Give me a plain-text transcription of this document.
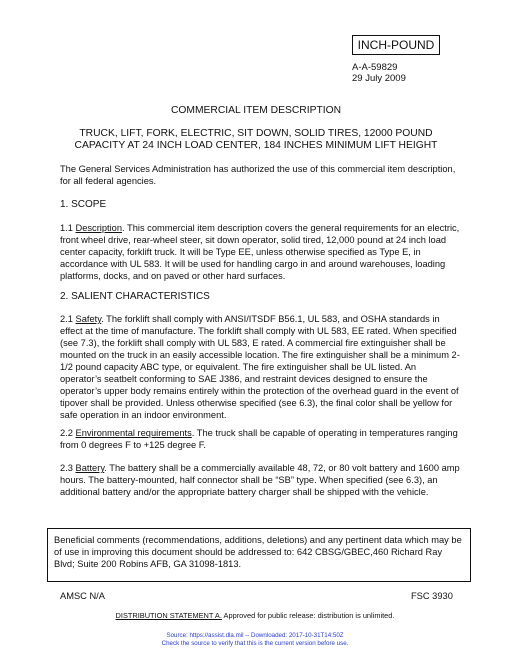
INCH-POUND
A-A-59829
29 July 2009
COMMERCIAL ITEM DESCRIPTION
TRUCK, LIFT, FORK, ELECTRIC, SIT DOWN, SOLID TIRES, 12000 POUND
CAPACITY AT 24 INCH LOAD CENTER, 184 INCHES MINIMUM LIFT HEIGHT
The General Services Administration has authorized the use of this commercial item description,
for all federal agencies.
1. SCOPE
1.1 Description. This commercial item description covers the general requirements for an electric, front wheel drive, rear-wheel steer, sit down operator, solid tired, 12,000 pound at 24 inch load center capacity, forklift truck. It will be Type EE, unless otherwise specified as Type E, in accordance with UL 583. It will be used for handling cargo in and around warehouses, loading platforms, docks, and on paved or other hard surfaces.
2. SALIENT CHARACTERISTICS
2.1 Safety. The forklift shall comply with ANSI/ITSDF B56.1, UL 583, and OSHA standards in effect at the time of manufacture. The forklift shall comply with UL 583, EE rated. When specified (see 7.3), the forklift shall comply with UL 583, E rated. A commercial fire extinguisher shall be mounted on the truck in an easily accessible location. The fire extinguisher shall be a minimum 2-1/2 pound capacity ABC type, or equivalent. The fire extinguisher shall be UL listed. An operator’s seatbelt conforming to SAE J386, and restraint devices designed to ensure the operator’s upper body remains entirely within the protection of the overhead guard in the event of tipover shall be provided. Unless otherwise specified (see 6.3), the final color shall be yellow for safe operation in an indoor environment.
2.2 Environmental requirements. The truck shall be capable of operating in temperatures ranging from 0 degrees F to +125 degree F.
2.3 Battery. The battery shall be a commercially available 48, 72, or 80 volt battery and 1600 amp hours. The battery-mounted, half connector shall be “SB” type. When specified (see 6.3), an additional battery and/or the appropriate battery charger shall be shipped with the vehicle.
Beneficial comments (recommendations, additions, deletions) and any pertinent data which may be of use in improving this document should be addressed to: 642 CBSG/GBEC,460 Richard Ray Blvd; Suite 200 Robins AFB, GA 31098-1813.
AMSC N/A	FSC 3930
DISTRIBUTION STATEMENT A. Approved for public release: distribution is unlimited.
Source: https://assist.dla.mil -- Downloaded: 2017-10-31T14:50Z
Check the source to verify that this is the current version before use.
